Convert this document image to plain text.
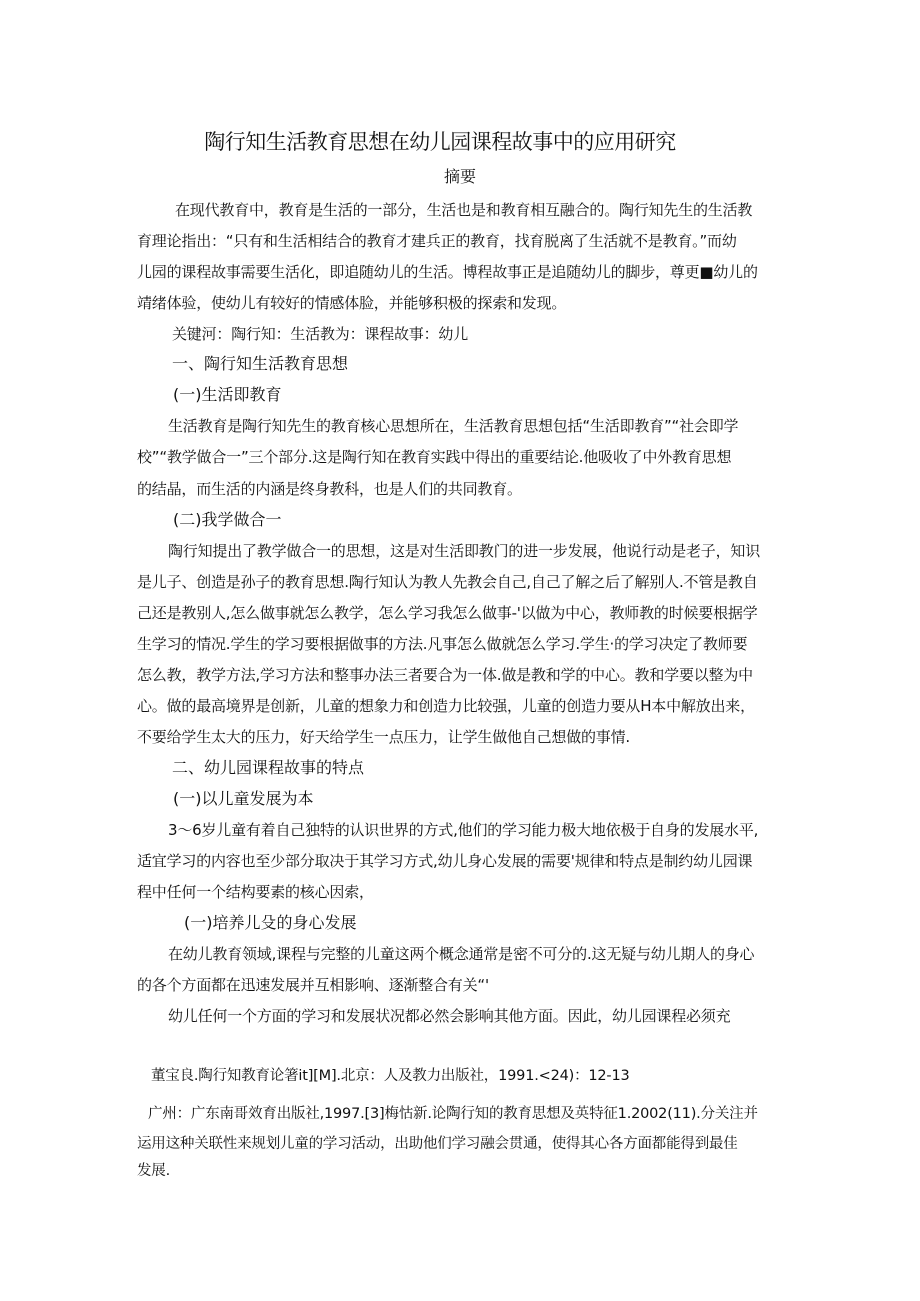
陶行知生活教育思想在幼儿园课程故事中的应用研究
摘要
在现代教育中，教育是生活的一部分，生活也是和教育相互融合的。陶行知先生的生活教
育理论指出：“只有和生活相结合的教育才建兵正的教育，找育脱离了生活就不是教育。”而幼
儿园的课程故事需要生活化，即追随幼儿的生活。博程故事正是追随幼儿的脚步，尊更■幼儿的
靖绪体验，使幼儿有较好的情感体脸，并能够积极的探索和发现。
关键河：陶行知：生活教为：课程故事：幼儿
一、陶行知生活教育思想
(一)生活即教育
生活教育是陶行知先生的教育核心思想所在，生活教育思想包括“生活即教育”“社会即学
校”“教学做合一”三个部分.这是陶行知在教育实践中得出的重要结论.他吸收了中外教育思想
的结晶，而生活的内涵是终身教科，也是人们的共同教育。
(二)我学做合一
陶行知提出了教学做合一的思想，这是对生活即教门的进一步发展，他说行动是老子，知识
是儿子、创造是孙子的教育思想.陶行知认为教人先教会自己,自己了解之后了解别人.不管是教自
己还是教别人,怎么做事就怎么教学，怎么学习我怎么做事-'以做为中心，教师教的时候要根据学
生学习的情况.学生的学习要根据做事的方法.凡事怎么做就怎么学习.学生·的学习决定了教师要
怎么教，教学方法,学习方法和整事办法三者要合为一体.做是教和学的中心。教和学要以整为中
心。做的最高境界是创新，儿童的想象力和创造力比较强，儿童的创造力要从H本中解放出来，
不要给学生太大的压力，好天给学生一点压力，让学生做他自己想做的事情.
二、幼儿园课程故事的特点
(一)以儿童发展为本
3〜6岁儿童有着自己独特的认识世界的方式,他们的学习能力极大地依极于自身的发展水平,
适宜学习的内容也至少部分取决于其学习方式,幼儿身心发展的需要'规律和特点是制约幼儿园课
程中任何一个结构要素的核心因索，
(一)培养儿殳的身心发展
在幼儿教育领域,课程与完整的儿童这两个概念通常是密不可分的.这无疑与幼儿期人的身心
的各个方面都在迅速发展并互相影响、逐渐整合有关“'
幼儿任何一个方面的学习和发展状况都必然会影响其他方面。因此，幼儿园课程必须充
董宝良.陶行知教育论箸it][M].北京：人及教力出版社，1991.<24)：12-13
广州：广东南哥效育出版社,1997.[3]梅怙新.论陶行知的教育思想及英特征1.2002(11).分关注并
运用这种关联性来规划儿童的学习活动，出助他们学习融会贯通，使得其心各方面都能得到最佳
发展.
